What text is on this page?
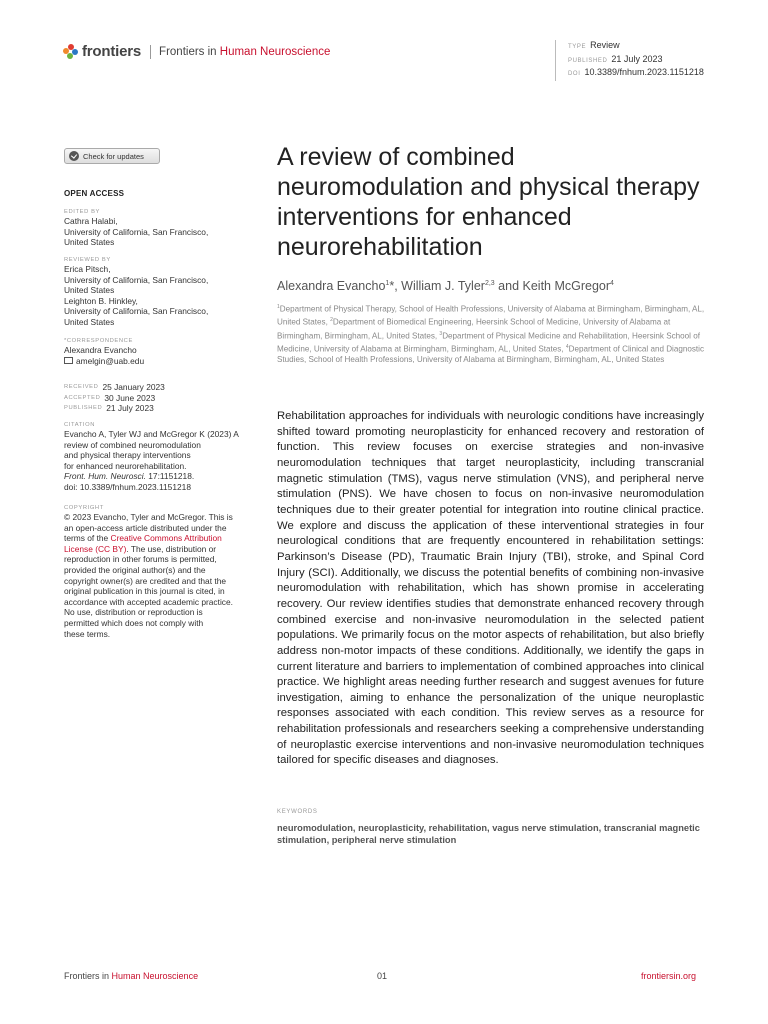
frontiers Frontiers in Human Neuroscience	TYPE Review
PUBLISHED 21 July 2023
DOI 10.3389/fnhum.2023.1151218
Check for updates
OPEN ACCESS
EDITED BY
Cathra Halabi,
University of California, San Francisco,
United States
REVIEWED BY
Erica Pitsch,
University of California, San Francisco,
United States
Leighton B. Hinkley,
University of California, San Francisco,
United States
*CORRESPONDENCE
Alexandra Evancho
amelgin@uab.edu
RECEIVED 25 January 2023
ACCEPTED 30 June 2023
PUBLISHED 21 July 2023
CITATION
Evancho A, Tyler WJ and McGregor K (2023) A
review of combined neuromodulation
and physical therapy interventions
for enhanced neurorehabilitation.
Front. Hum. Neurosci. 17:1151218.
doi: 10.3389/fnhum.2023.1151218
COPYRIGHT
© 2023 Evancho, Tyler and McGregor. This is
an open-access article distributed under the
terms of the Creative Commons Attribution
License (CC BY). The use, distribution or
reproduction in other forums is permitted,
provided the original author(s) and the
copyright owner(s) are credited and that the
original publication in this journal is cited, in
accordance with accepted academic practice.
No use, distribution or reproduction is
permitted which does not comply with
these terms.
A review of combined neuromodulation and physical therapy interventions for enhanced neurorehabilitation
Alexandra Evancho$^1$*, William J. Tyler$^{2,3}$ and Keith McGregor$^4$
$^1$Department of Physical Therapy, School of Health Professions, University of Alabama at Birmingham, Birmingham, AL, United States, $^2$Department of Biomedical Engineering, Heersink School of Medicine, University of Alabama at Birmingham, Birmingham, AL, United States, $^3$Department of Physical Medicine and Rehabilitation, Heersink School of Medicine, University of Alabama at Birmingham, Birmingham, AL, United States, $^4$Department of Clinical and Diagnostic Studies, School of Health Professions, University of Alabama at Birmingham, Birmingham, AL, United States

Rehabilitation approaches for individuals with neurologic conditions have increasingly shifted toward promoting neuroplasticity for enhanced recovery and restoration of function. This review focuses on exercise strategies and non-invasive neuromodulation techniques that target neuroplasticity, including transcranial magnetic stimulation (TMS), vagus nerve stimulation (VNS), and peripheral nerve stimulation (PNS). We have chosen to focus on non-invasive neuromodulation techniques due to their greater potential for integration into routine clinical practice. We explore and discuss the application of these interventional strategies in four neurological conditions that are frequently encountered in rehabilitation settings: Parkinson’s Disease (PD), Traumatic Brain Injury (TBI), stroke, and Spinal Cord Injury (SCI). Additionally, we discuss the potential benefits of combining non-invasive neuromodulation with rehabilitation, which has shown promise in accelerating recovery. Our review identifies studies that demonstrate enhanced recovery through combined exercise and non-invasive neuromodulation in the selected patient populations. We primarily focus on the motor aspects of rehabilitation, but also briefly address non-motor impacts of these conditions. Additionally, we identify the gaps in current literature and barriers to implementation of combined approaches into clinical practice. We highlight areas needing further research and suggest avenues for future investigation, aiming to enhance the personalization of the unique neuroplastic responses associated with each condition. This review serves as a resource for rehabilitation professionals and researchers seeking a comprehensive understanding of neuroplastic exercise interventions and non-invasive neuromodulation techniques tailored for specific diseases and diagnoses.

KEYWORDS
neuromodulation, neuroplasticity, rehabilitation, vagus nerve stimulation, transcranial magnetic stimulation, peripheral nerve stimulation
Frontiers in Human Neuroscience	01	frontiersin.org
